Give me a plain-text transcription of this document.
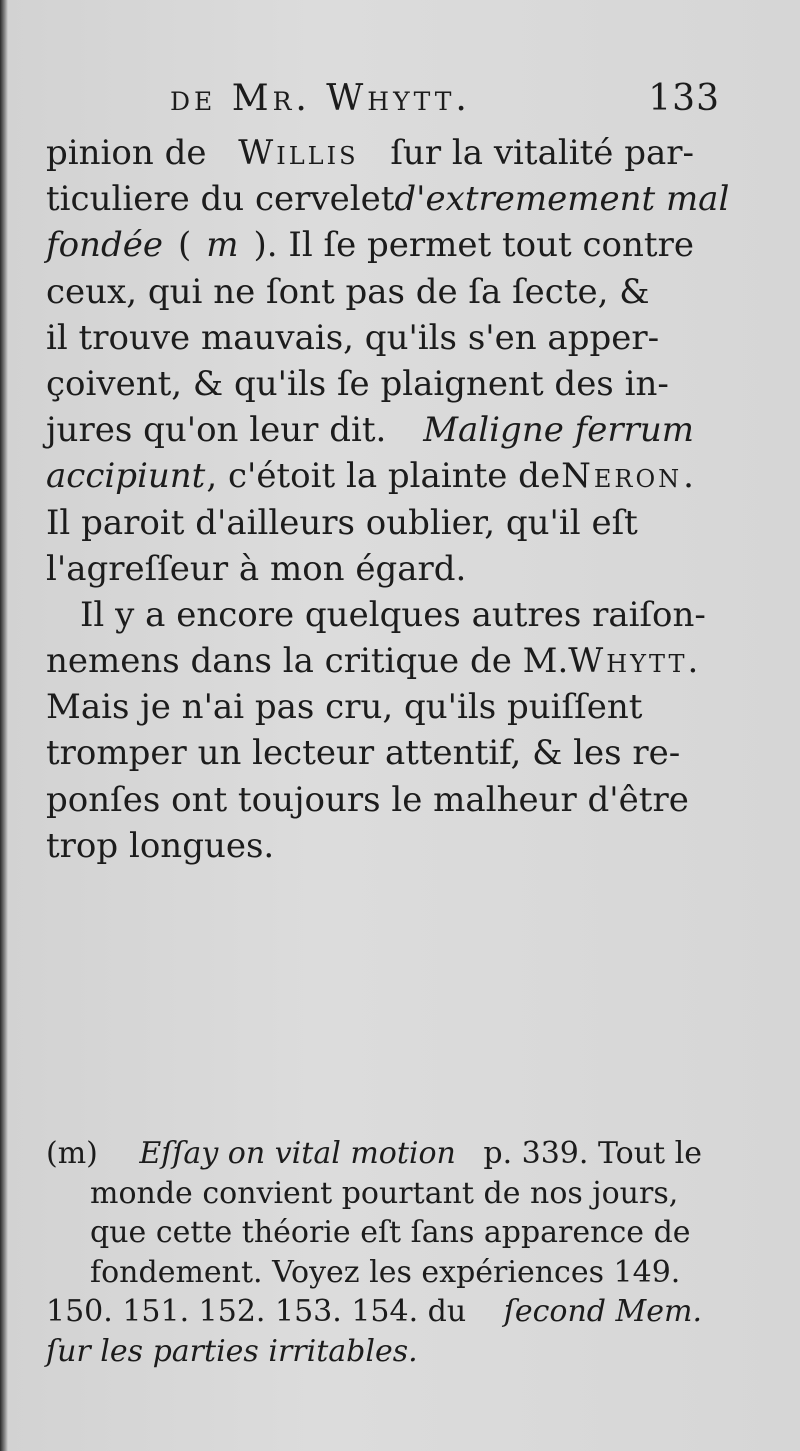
de Mr. Whytt.	133
pinion de Willis ſur la vitalité par-
ticuliere du cervelet d'extremement mal
fondée ( m ). Il ſe permet tout contre
ceux, qui ne ſont pas de ſa ſecte, &
il trouve mauvais, qu'ils s'en apper-
çoivent, & qu'ils ſe plaignent des in-
jures qu'on leur dit. Maligne ferrum
accipiunt , c'étoit la plainte de Neron .
Il paroit d'ailleurs oublier, qu'il eſt
l'agreſſeur à mon égard.
Il y a encore quelques autres raiſon-
nemens dans la critique de M. Whytt .
Mais je n'ai pas cru, qu'ils puiſſent
tromper un lecteur attentif, & les re-
ponſes ont toujours le malheur d'être
trop longues.
(m) Eſſay on vital motion p. 339. Tout le
monde convient pourtant de nos jours,
que cette théorie eſt ſans apparence de
fondement. Voyez les expériences 149.
150. 151. 152. 153. 154. du ſecond Mem.
ſur les parties irritables.
